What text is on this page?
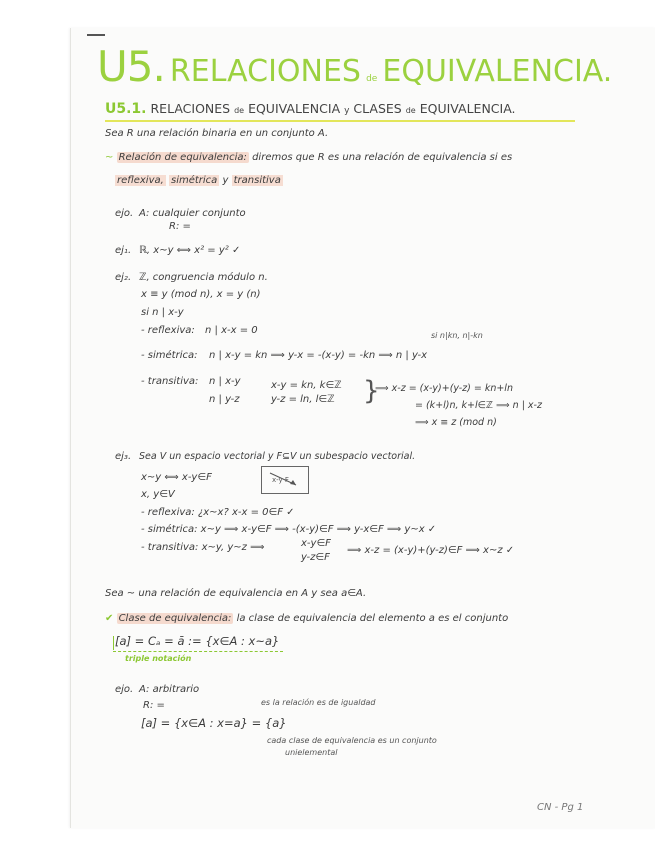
U5. RELACIONES de EQUIVALENCIA.
U5.1. RELACIONES de EQUIVALENCIA y CLASES de EQUIVALENCIA.
Sea R una relación binaria en un conjunto A.
~ Relación de equivalencia: diremos que R es una relación de equivalencia si es
reflexiva, simétrica y transitiva
ejo. A: cualquier conjunto
R: =
ej₁. ℝ, x~y ⟺ x² = y² ✓
ej₂. ℤ, congruencia módulo n.
x ≡ y (mod n), x = y (n)
si n | x-y
- reflexiva: n | x-x = 0	si n|kn, n|-kn
- simétrica: n | x-y = kn ⟹ y-x = -(x-y) = -kn ⟹ n | y-x
- transitiva: n | x-y
n | y-z
x-y = kn, k∈ℤ
y-z = ln, l∈ℤ }
⟹ x-z = (x-y)+(y-z) = kn+ln
= (k+l)n, k+l∈ℤ ⟹ n | x-z
⟹ x ≡ z (mod n)
ej₃. Sea V un espacio vectorial y F⊆V un subespacio vectorial.
x~y ⟺ x-y∈F
x, y∈V
x-y F
- reflexiva: ¿x~x? x-x = 0∈F ✓
- simétrica: x~y ⟹ x-y∈F ⟹ -(x-y)∈F ⟹ y-x∈F ⟹ y~x ✓
- transitiva: x~y, y~z ⟹	x-y∈F
y-z∈F
⟹ x-z = (x-y)+(y-z)∈F ⟹ x~z ✓
Sea ~ una relación de equivalencia en A y sea a∈A.
✔ Clase de equivalencia: la clase de equivalencia del elemento a es el conjunto
[a] = Cₐ = ā := {x∈A : x~a}
triple notación
ejo. A: arbitrario
R: =	es la relación es de igualdad
[a] = {x∈A : x=a} = {a}
cada clase de equivalencia es un conjunto
unielemental
CN - Pg 1
